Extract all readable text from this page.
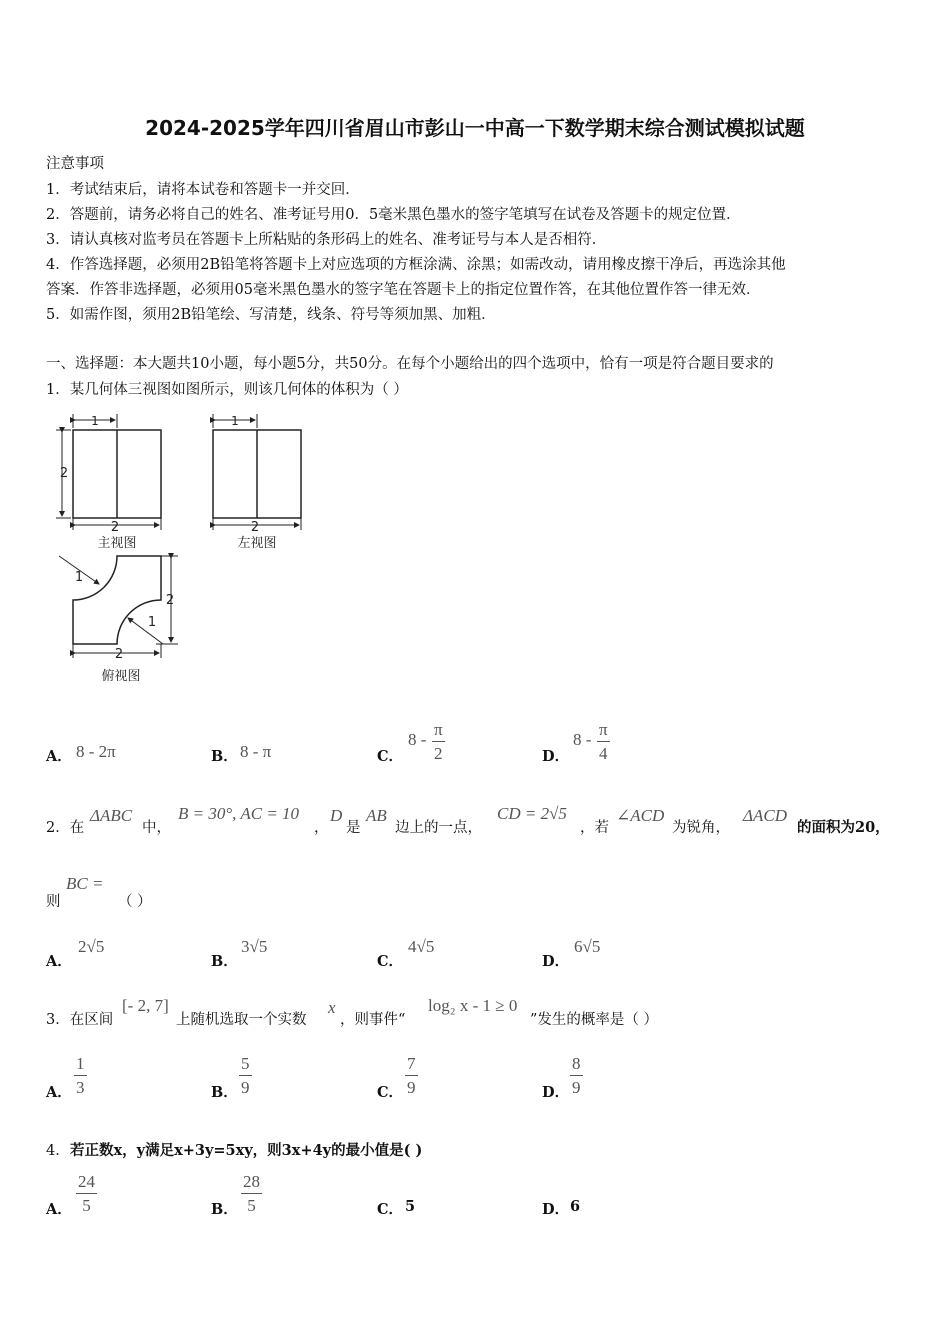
2024-2025学年四川省眉山市彭山一中高一下数学期末综合测试模拟试题
注意事项
1．考试结束后，请将本试卷和答题卡一并交回．
2．答题前，请务必将自己的姓名、准考证号用0．5毫米黑色墨水的签字笔填写在试卷及答题卡的规定位置．
3．请认真核对监考员在答题卡上所粘贴的条形码上的姓名、准考证号与本人是否相符．
4．作答选择题，必须用2B铅笔将答题卡上对应选项的方框涂满、涂黑；如需改动，请用橡皮擦干净后，再选涂其他
答案．作答非选择题，必须用05毫米黑色墨水的签字笔在答题卡上的指定位置作答，在其他位置作答一律无效．
5．如需作图，须用2B铅笔绘、写清楚，线条、符号等须加黑、加粗．
一、选择题：本大题共10小题，每小题5分，共50分。在每个小题给出的四个选项中，恰有一项是符合题目要求的
1．某几何体三视图如图所示，则该几何体的体积为（ ）
1
2
2
主视图
1
2
左视图
1
1
2
2
俯视图
A． 8 - 2π	B． 8 - π	C．
8 -
π
2	D．
8 -
π
4
2．在
ΔABC
中，
B = 30°, AC = 10
，
D
是
AB
边上的一点，
CD = 2√5
，若
∠ACD
为锐角，
ΔACD
的面积为20，
则
BC =
（ ）
A．
2√5
B．
3√5
C．
4√5
D．
6√5
3．在区间
[- 2, 7]
上随机选取一个实数
x
，则事件“
log₂ x - 1 ≥ 0
”发生的概率是（ ）
A．
1
3	B．
5
9	C．
7
9	D．
8
9
4． 若正数x，y满足x+3y=5xy，则3x+4y的最小值是( )
A．
24
5	B．
28
5	C． 5	D． 6
